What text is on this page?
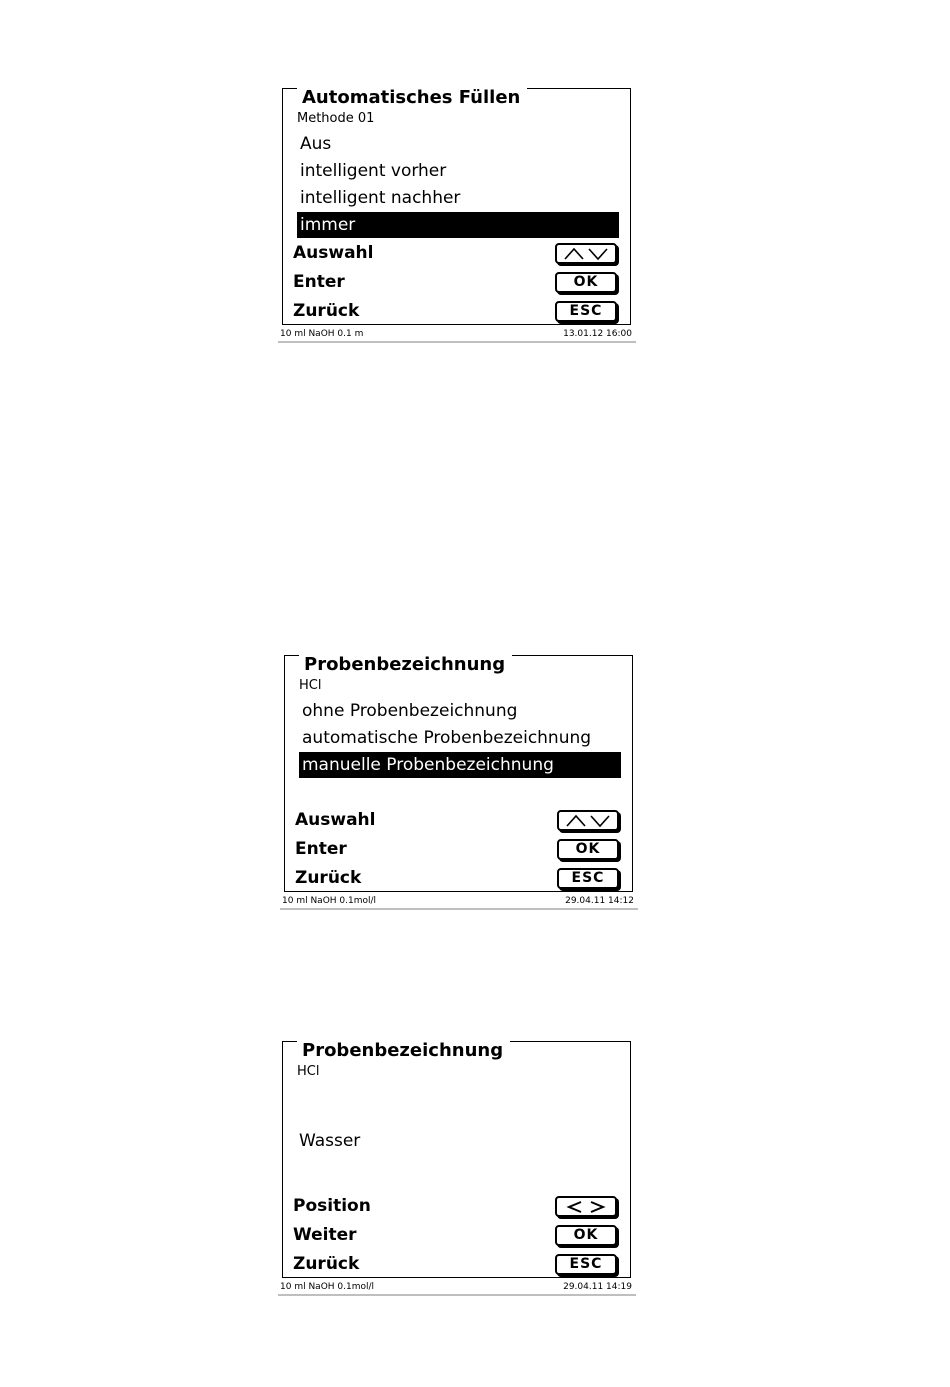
Automatisches Füllen
Methode 01
Aus
intelligent vorher
intelligent nachher
immer
Auswahl
Enter	OK
Zurück	ESC
10 ml NaOH 0.1 m	13.01.12 16:00
Probenbezeichnung
HCl
ohne Probenbezeichnung
automatische Probenbezeichnung
manuelle Probenbezeichnung
Auswahl
Enter	OK
Zurück	ESC
10 ml NaOH 0.1mol/l	29.04.11 14:12
Probenbezeichnung
HCl
Wasser
Position
Weiter	OK
Zurück	ESC
10 ml NaOH 0.1mol/l	29.04.11 14:19
